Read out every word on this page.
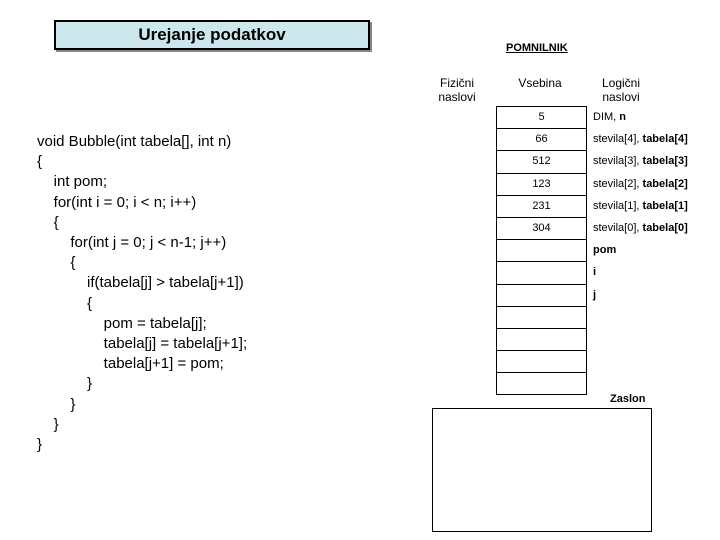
Urejanje podatkov
POMNILNIK
Fizični naslovi
Vsebina	Logični naslovi
void Bubble(int tabela[], int n)
{
int pom;
for(int i = 0; i < n; i++)
{
for(int j = 0; j < n-1; j++)
{
if(tabela[j] > tabela[j+1])
{
pom = tabela[j];
tabela[j] = tabela[j+1];
tabela[j+1] = pom;
}
}
}
}
5
66
512
123
231
304
DIM, n
stevila[4], tabela[4]
stevila[3], tabela[3]
stevila[2], tabela[2]
stevila[1], tabela[1]
stevila[0], tabela[0]
pom
i
j
Zaslon
